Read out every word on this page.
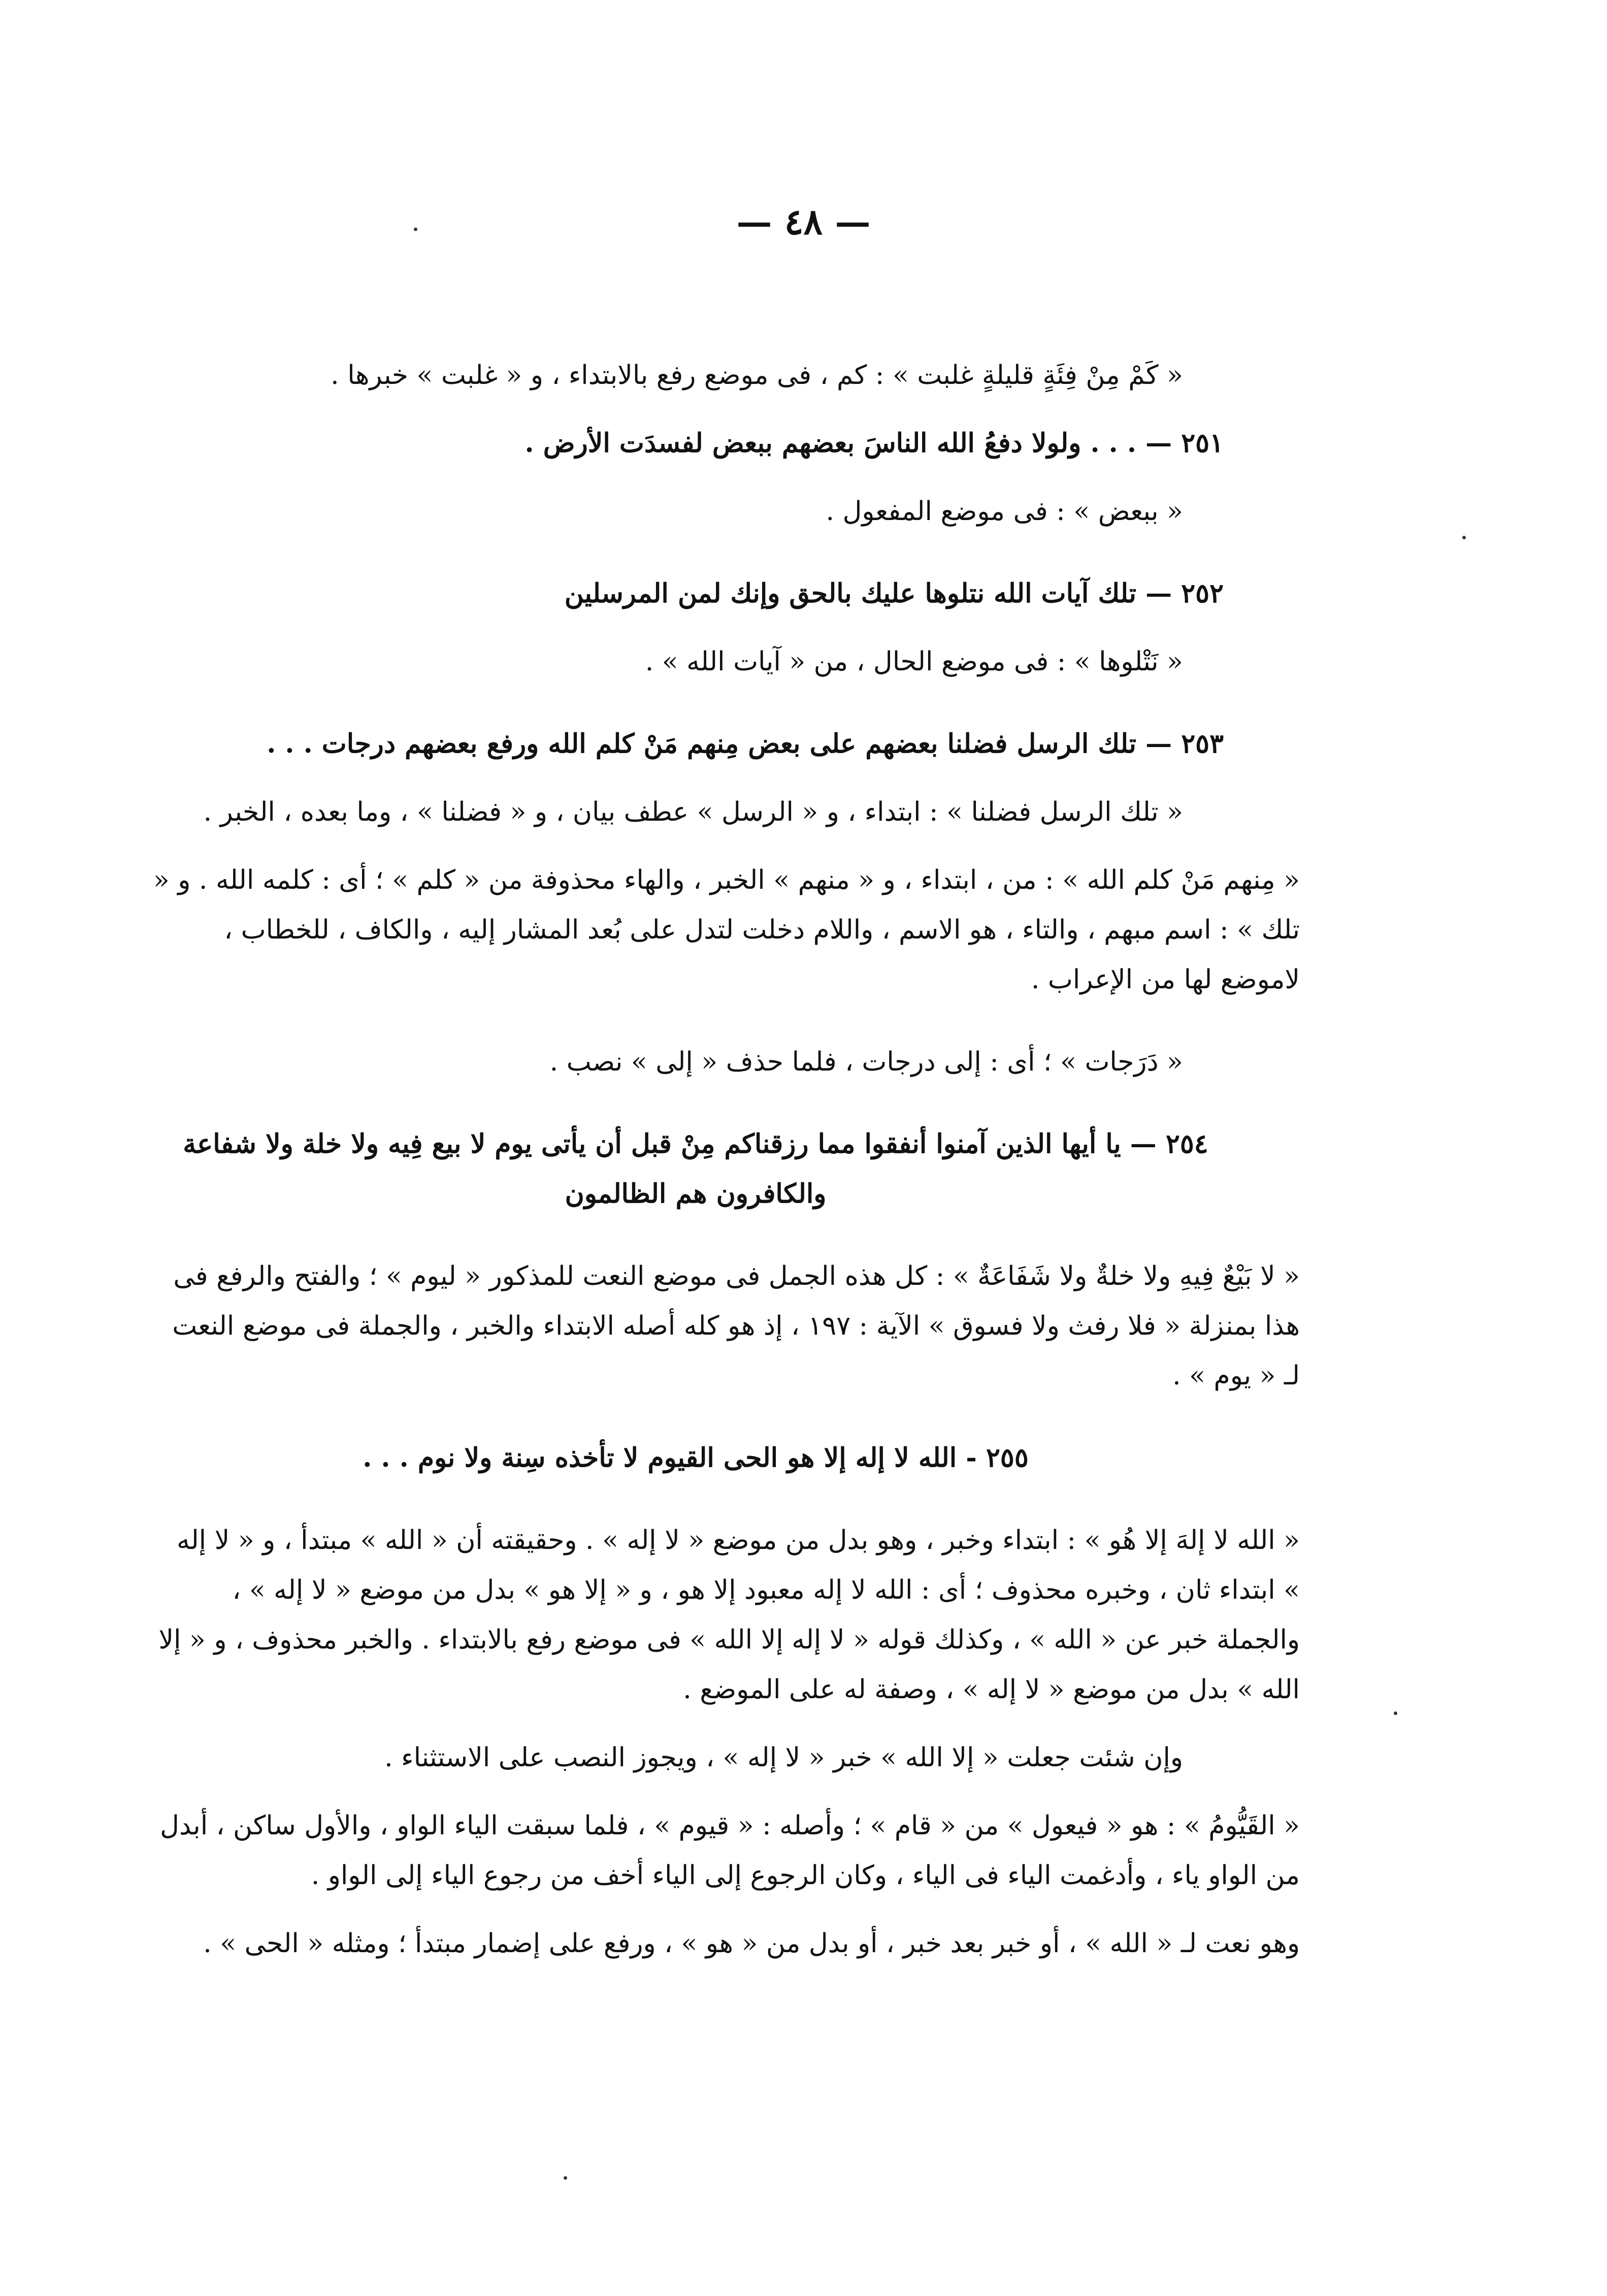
— ٤٨ —

« كَمْ مِنْ فِئَةٍ قليلةٍ غلبت » : كم ، فى موضع رفع بالابتداء ، و « غلبت » خبرها .

٢٥١ — . . . ولولا دفعُ الله الناسَ بعضهم ببعض لفسدَت الأرض .

« ببعض » : فى موضع المفعول .

٢٥٢ — تلك آيات الله نتلوها عليك بالحق وإنك لمن المرسلين

« نَتْلوها » : فى موضع الحال ، من « آيات الله » .

٢٥٣ — تلك الرسل فضلنا بعضهم على بعض مِنهم مَنْ كلم الله ورفع بعضهم درجات . . .

« تلك الرسل فضلنا » : ابتداء ، و « الرسل » عطف بيان ، و « فضلنا » ، وما بعده ، الخبر .

« مِنهم مَنْ كلم الله » : من ، ابتداء ، و « منهم » الخبر ، والهاء محذوفة من « كلم » ؛ أى : كلمه الله . و « تلك » : اسم مبهم ، والتاء ، هو الاسم ، واللام دخلت لتدل على بُعد المشار إليه ، والكاف ، للخطاب ، لاموضع لها من الإعراب .

« دَرَجات » ؛ أى : إلى درجات ، فلما حذف « إلى » نصب .

٢٥٤ — يا أيها الذين آمنوا أنفقوا مما رزقناكم مِنْ قبل أن يأتى يوم لا بيع فِيه ولا خلة ولا شفاعة والكافرون هم الظالمون

« لا بَيْعٌ فِيهِ ولا خلةٌ ولا شَفَاعَةٌ » : كل هذه الجمل فى موضع النعت للمذكور « ليوم » ؛ والفتح والرفع فى هذا بمنزلة « فلا رفث ولا فسوق » الآية : ١٩٧ ، إذ هو كله أصله الابتداء والخبر ، والجملة فى موضع النعت لـ « يوم » .

٢٥٥ - الله لا إله إلا هو الحى القيوم لا تأخذه سِنة ولا نوم . . .

« الله لا إلهَ إلا هُو » : ابتداء وخبر ، وهو بدل من موضع « لا إله » . وحقيقته أن « الله » مبتدأ ، و « لا إله » ابتداء ثان ، وخبره محذوف ؛ أى : الله لا إله معبود إلا هو ، و « إلا هو » بدل من موضع « لا إله » ، والجملة خبر عن « الله » ، وكذلك قوله « لا إله إلا الله » فى موضع رفع بالابتداء . والخبر محذوف ، و « إلا الله » بدل من موضع « لا إله » ، وصفة له على الموضع .

وإن شئت جعلت « إلا الله » خبر « لا إله » ، ويجوز النصب على الاستثناء .

« القَيُّومُ » : هو « فيعول » من « قام » ؛ وأصله : « قيوم » ، فلما سبقت الياء الواو ، والأول ساكن ، أبدل من الواو ياء ، وأدغمت الياء فى الياء ، وكان الرجوع إلى الياء أخف من رجوع الياء إلى الواو .

وهو نعت لـ « الله » ، أو خبر بعد خبر ، أو بدل من « هو » ، ورفع على إضمار مبتدأ ؛ ومثله « الحى » .
